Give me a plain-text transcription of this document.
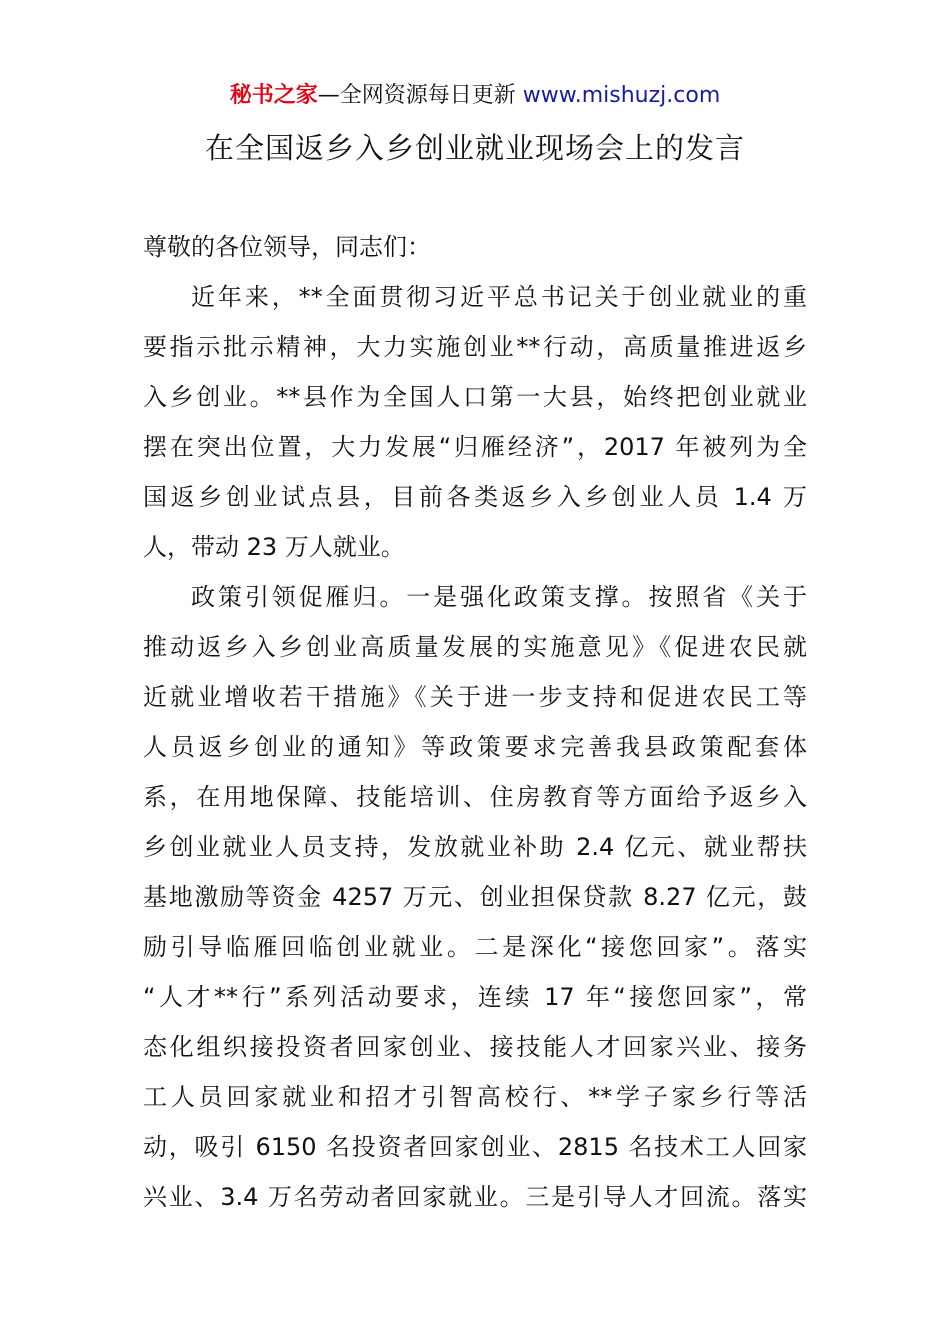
秘书之家—全网资源每日更新 www.mishuzj.com
在全国返乡入乡创业就业现场会上的发言
尊敬的各位领导，同志们：
近年来，**全面贯彻习近平总书记关于创业就业的重
要指示批示精神，大力实施创业**行动，高质量推进返乡
入乡创业。**县作为全国人口第一大县，始终把创业就业
摆在突出位置，大力发展“归雁经济”，2017 年被列为全
国返乡创业试点县，目前各类返乡入乡创业人员 1.4 万
人，带动 23 万人就业。
政策引领促雁归。一是强化政策支撑。按照省《关于
推动返乡入乡创业高质量发展的实施意见》《促进农民就
近就业增收若干措施》《关于进一步支持和促进农民工等
人员返乡创业的通知》等政策要求完善我县政策配套体
系，在用地保障、技能培训、住房教育等方面给予返乡入
乡创业就业人员支持，发放就业补助 2.4 亿元、就业帮扶
基地激励等资金 4257 万元、创业担保贷款 8.27 亿元，鼓
励引导临雁回临创业就业。二是深化“接您回家”。落实
“人才**行”系列活动要求，连续 17 年“接您回家”，常
态化组织接投资者回家创业、接技能人才回家兴业、接务
工人员回家就业和招才引智高校行、**学子家乡行等活
动，吸引 6150 名投资者回家创业、2815 名技术工人回家
兴业、3.4 万名劳动者回家就业。三是引导人才回流。落实
